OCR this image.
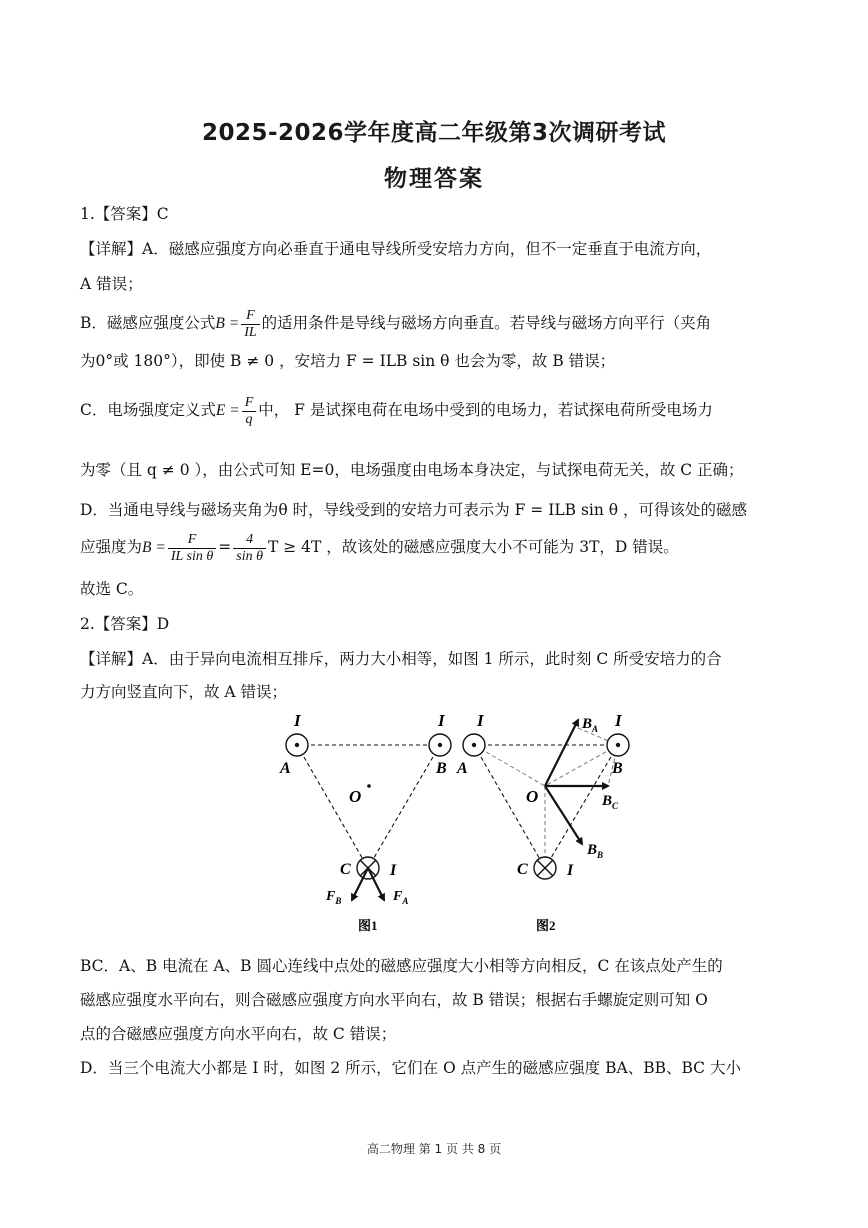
2025-2026学年度高二年级第3次调研考试
物理答案
1.【答案】C
【详解】A．磁感应强度方向必垂直于通电导线所受安培力方向，但不一定垂直于电流方向，
A 错误；
B．磁感应强度公式$B = \frac{F}{IL}$ 的适用条件是导线与磁场方向垂直。若导线与磁场方向平行（夹角
为0°或 180°），即使 B ≠ 0 ，安培力 F = ILB sin θ 也会为零，故 B 错误；
C．电场强度定义式$E = \frac{F}{q}$ 中， F 是试探电荷在电场中受到的电场力，若试探电荷所受电场力
为零（且 q ≠ 0 ），由公式可知 E=0，电场强度由电场本身决定，与试探电荷无关，故 C 正确；
D．当通电导线与磁场夹角为θ 时，导线受到的安培力可表示为 F = ILB sin θ ，可得该处的磁感
应强度为$B = \frac{F}{\text{IL sin θ}} = \frac{4}{\text{sin θ}}$ T ≥ 4T ，故该处的磁感应强度大小不可能为 3T，D 错误。
故选 C。
2.【答案】D
【详解】A．由于异向电流相互排斥，两力大小相等，如图 1 所示，此时刻 C 所受安培力的合
力方向竖直向下，故 A 错误；
I	I
A	B
O
C I
$F_B$	$F_A$
图1
I	I
A	B
O
C I
$B_A$
$B_C$
$B_B$
图2
BC．A、B 电流在 A、B 圆心连线中点处的磁感应强度大小相等方向相反，C 在该点处产生的
磁感应强度水平向右，则合磁感应强度方向水平向右，故 B 错误；根据右手螺旋定则可知 O
点的合磁感应强度方向水平向右，故 C 错误；
D．当三个电流大小都是 I 时，如图 2 所示，它们在 O 点产生的磁感应强度 BA、BB、BC 大小
高二物理 第 1 页 共 8 页
